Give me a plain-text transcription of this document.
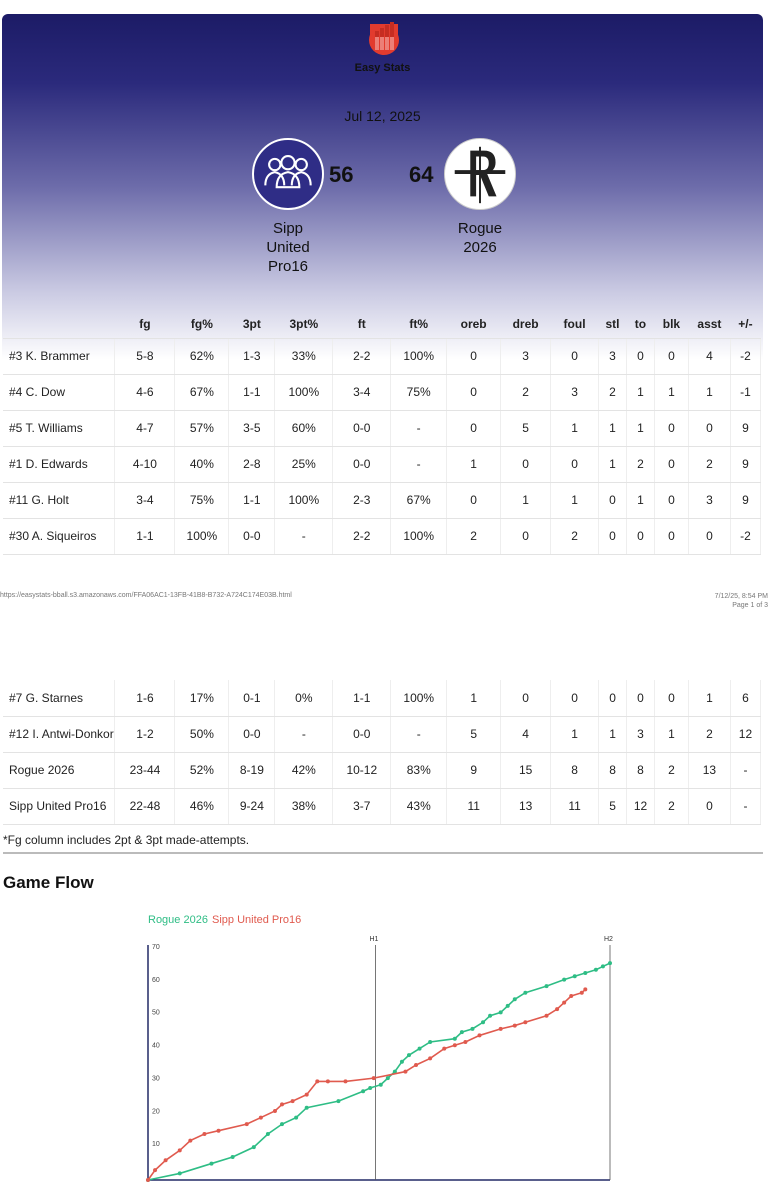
Easy Stats
Jul 12, 2025
56	64
Sipp
United
Pro16
Rogue
2026
	fg	fg%	3pt	3pt%	ft	ft%	oreb	dreb	foul	stl	to	blk	asst	+/-
#3 K. Brammer	5-8	62%	1-3	33%	2-2	100%	0	3	0	3	0	0	4	-2
#4 C. Dow	4-6	67%	1-1	100%	3-4	75%	0	2	3	2	1	1	1	-1
#5 T. Williams	4-7	57%	3-5	60%	0-0	-	0	5	1	1	1	0	0	9
#1 D. Edwards	4-10	40%	2-8	25%	0-0	-	1	0	0	1	2	0	2	9
#11 G. Holt	3-4	75%	1-1	100%	2-3	67%	0	1	1	0	1	0	3	9
#30 A. Siqueiros	1-1	100%	0-0	-	2-2	100%	2	0	2	0	0	0	0	-2
https://easystats-bball.s3.amazonaws.com/FFA06AC1-13FB-41B8-B732-A724C174E03B.html	7/12/25, 8:54 PM
Page 1 of 3
#7 G. Starnes	1-6	17%	0-1	0%	1-1	100%	1	0	0	0	0	0	1	6
#12 I. Antwi-Donkor	1-2	50%	0-0	-	0-0	-	5	4	1	1	3	1	2	12
Rogue 2026	23-44	52%	8-19	42%	10-12	83%	9	15	8	8	8	2	13	-
Sipp United Pro16	22-48	46%	9-24	38%	3-7	43%	11	13	11	5	12	2	0	-
*Fg column includes 2pt & 3pt made-attempts.
Game Flow
Rogue 2026 Sipp United Pro16
10
20
30
40
50
60
70
H1	H2
